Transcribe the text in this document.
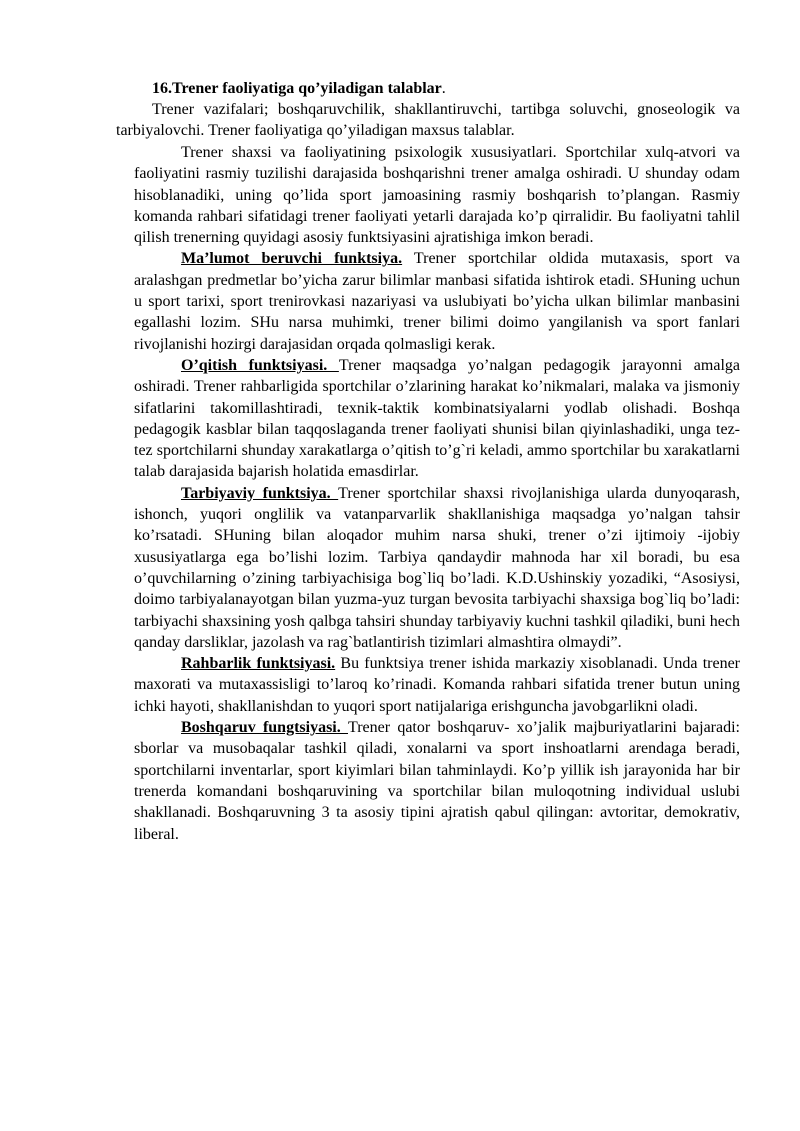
16.Trener faoliyatiga qo’yiladigan talablar.

Trener vazifalari; boshqaruvchilik, shakllantiruvchi, tartibga soluvchi, gnoseologik va tarbiyalovchi. Trener faoliyatiga qo’yiladigan maxsus talablar.

Trener shaxsi va faoliyatining psixologik xususiyatlari. Sportchilar xulq-atvori va faoliyatini rasmiy tuzilishi darajasida boshqarishni trener amalga oshiradi. U shunday odam hisoblanadiki, uning qo’lida sport jamoasining rasmiy boshqarish to’plangan. Rasmiy komanda rahbari sifatidagi trener faoliyati yetarli darajada ko’p qirralidir. Bu faoliyatni tahlil qilish trenerning quyidagi asosiy funktsiyasini ajratishiga imkon beradi.

Ma’lumot beruvchi funktsiya. Trener sportchilar oldida mutaxasis, sport va aralashgan predmetlar bo’yicha zarur bilimlar manbasi sifatida ishtirok etadi. SHuning uchun u sport tarixi, sport trenirovkasi nazariyasi va uslubiyati bo’yicha ulkan bilimlar manbasini egallashi lozim. SHu narsa muhimki, trener bilimi doimo yangilanish va sport fanlari rivojlanishi hozirgi darajasidan orqada qolmasligi kerak.

O’qitish funktsiyasi. Trener maqsadga yo’nalgan pedagogik jarayonni amalga oshiradi. Trener rahbarligida sportchilar o’zlarining harakat ko’nikmalari, malaka va jismoniy sifatlarini takomillashtiradi, texnik-taktik kombinatsiyalarni yodlab olishadi. Boshqa pedagogik kasblar bilan taqqoslaganda trener faoliyati shunisi bilan qiyinlashadiki, unga tez-tez sportchilarni shunday xarakatlarga o’qitish to’g`ri keladi, ammo sportchilar bu xarakatlarni talab darajasida bajarish holatida emasdirlar.

Tarbiyaviy funktsiya. Trener sportchilar shaxsi rivojlanishiga ularda dunyoqarash, ishonch, yuqori onglilik va vatanparvarlik shakllanishiga maqsadga yo’nalgan tahsir ko’rsatadi. SHuning bilan aloqador muhim narsa shuki, trener o’zi ijtimoiy -ijobiy xususiyatlarga ega bo’lishi lozim. Tarbiya qandaydir mahnoda har xil boradi, bu esa o’quvchilarning o’zining tarbiyachisiga bog`liq bo’ladi. K.D.Ushinskiy yozadiki, “Asosiysi, doimo tarbiyalanayotgan bilan yuzma-yuz turgan bevosita tarbiyachi shaxsiga bog`liq bo’ladi: tarbiyachi shaxsining yosh qalbga tahsiri shunday tarbiyaviy kuchni tashkil qiladiki, buni hech qanday darsliklar, jazolash va rag`batlantirish tizimlari almashtira olmaydi”.

Rahbarlik funktsiyasi. Bu funktsiya trener ishida markaziy xisoblanadi. Unda trener maxorati va mutaxassisligi to’laroq ko’rinadi. Komanda rahbari sifatida trener butun uning ichki hayoti, shakllanishdan to yuqori sport natijalariga erishguncha javobgarlikni oladi.

Boshqaruv fungtsiyasi. Trener qator boshqaruv- xo’jalik majburiyatlarini bajaradi: sborlar va musobaqalar tashkil qiladi, xonalarni va sport inshoatlarni arendaga beradi, sportchilarni inventarlar, sport kiyimlari bilan tahminlaydi. Ko’p yillik ish jarayonida har bir trenerda komandani boshqaruvining va sportchilar bilan muloqotning individual uslubi shakllanadi. Boshqaruvning 3 ta asosiy tipini ajratish qabul qilingan: avtoritar, demokrativ, liberal.
